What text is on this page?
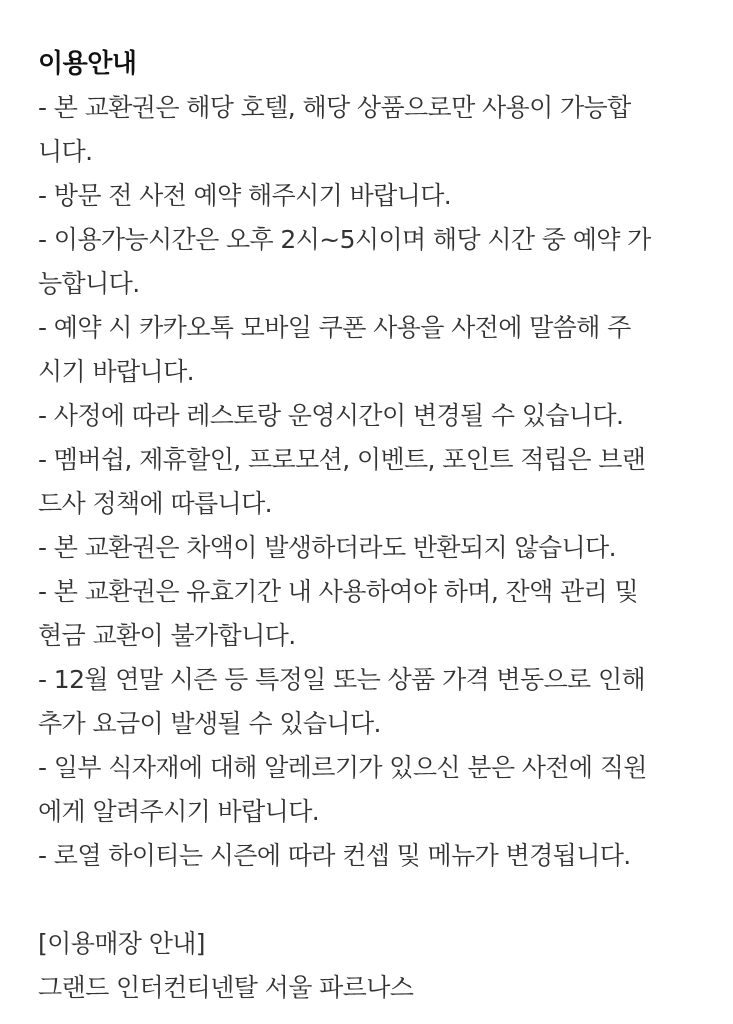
이용안내
- 본 교환권은 해당 호텔, 해당 상품으로만 사용이 가능합
니다.
- 방문 전 사전 예약 해주시기 바랍니다.
- 이용가능시간은 오후 2시~5시이며 해당 시간 중 예약 가
능합니다.
- 예약 시 카카오톡 모바일 쿠폰 사용을 사전에 말씀해 주
시기 바랍니다.
- 사정에 따라 레스토랑 운영시간이 변경될 수 있습니다.
- 멤버쉽, 제휴할인, 프로모션, 이벤트, 포인트 적립은 브랜
드사 정책에 따릅니다.
- 본 교환권은 차액이 발생하더라도 반환되지 않습니다.
- 본 교환권은 유효기간 내 사용하여야 하며, 잔액 관리 및
현금 교환이 불가합니다.
- 12월 연말 시즌 등 특정일 또는 상품 가격 변동으로 인해
추가 요금이 발생될 수 있습니다.
- 일부 식자재에 대해 알레르기가 있으신 분은 사전에 직원
에게 알려주시기 바랍니다.
- 로열 하이티는 시즌에 따라 컨셉 및 메뉴가 변경됩니다.
[이용매장 안내]
그랜드 인터컨티넨탈 서울 파르나스
